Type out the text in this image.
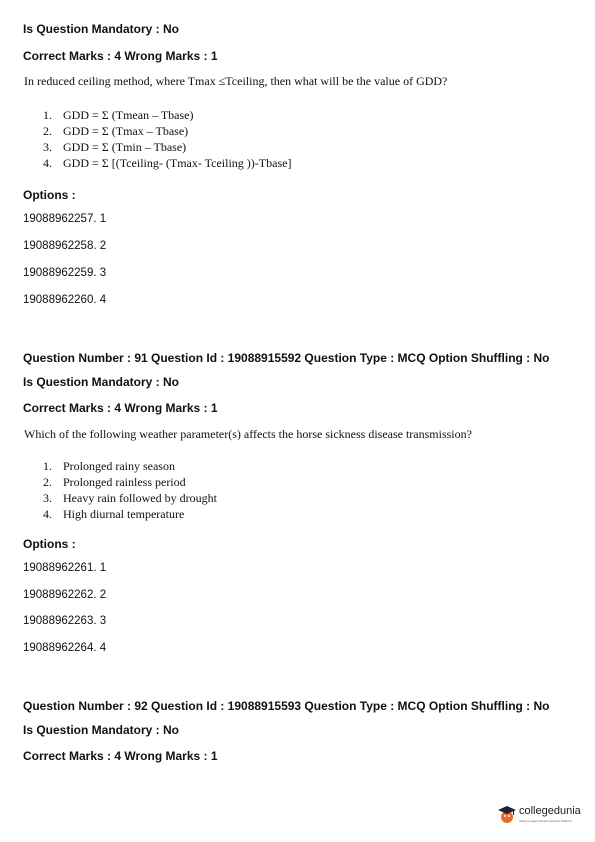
Is Question Mandatory : No
Correct Marks : 4 Wrong Marks : 1
In reduced ceiling method, where Tmax ≤Tceiling, then what will be the value of GDD?
1. GDD = Σ (Tmean – Tbase)
2. GDD = Σ (Tmax – Tbase)
3. GDD = Σ (Tmin – Tbase)
4. GDD = Σ [(Tceiling- (Tmax- Tceiling ))-Tbase]
Options :
19088962257. 1
19088962258. 2
19088962259. 3
19088962260. 4
Question Number : 91 Question Id : 19088915592 Question Type : MCQ Option Shuffling : No
Is Question Mandatory : No
Correct Marks : 4 Wrong Marks : 1
Which of the following weather parameter(s) affects the horse sickness disease transmission?
1. Prolonged rainy season
2. Prolonged rainless period
3. Heavy rain followed by drought
4. High diurnal temperature
Options :
19088962261. 1
19088962262. 2
19088962263. 3
19088962264. 4
Question Number : 92 Question Id : 19088915593 Question Type : MCQ Option Shuffling : No
Is Question Mandatory : No
Correct Marks : 4 Wrong Marks : 1
collegedunia
India's Largest Student Review Platform
